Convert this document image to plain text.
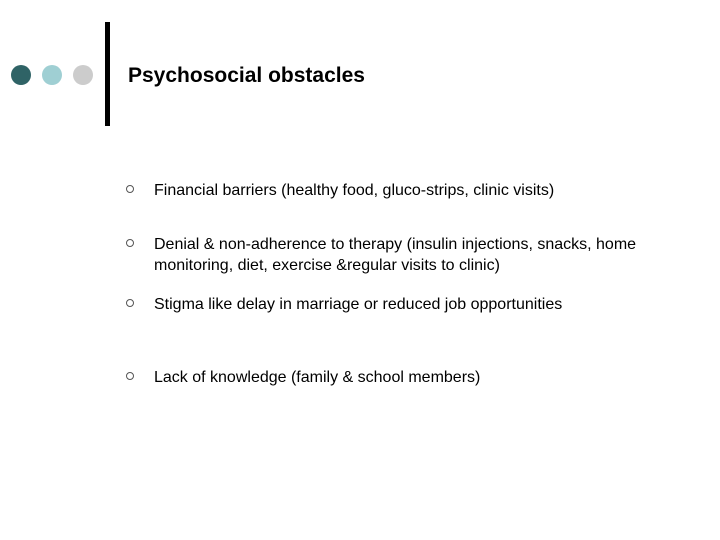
Psychosocial obstacles
Financial barriers (healthy food, gluco-strips, clinic visits)
Denial & non-adherence to therapy (insulin injections, snacks, home monitoring, diet, exercise &regular visits to clinic)
Stigma like delay in marriage or reduced job opportunities
Lack of knowledge (family & school members)
